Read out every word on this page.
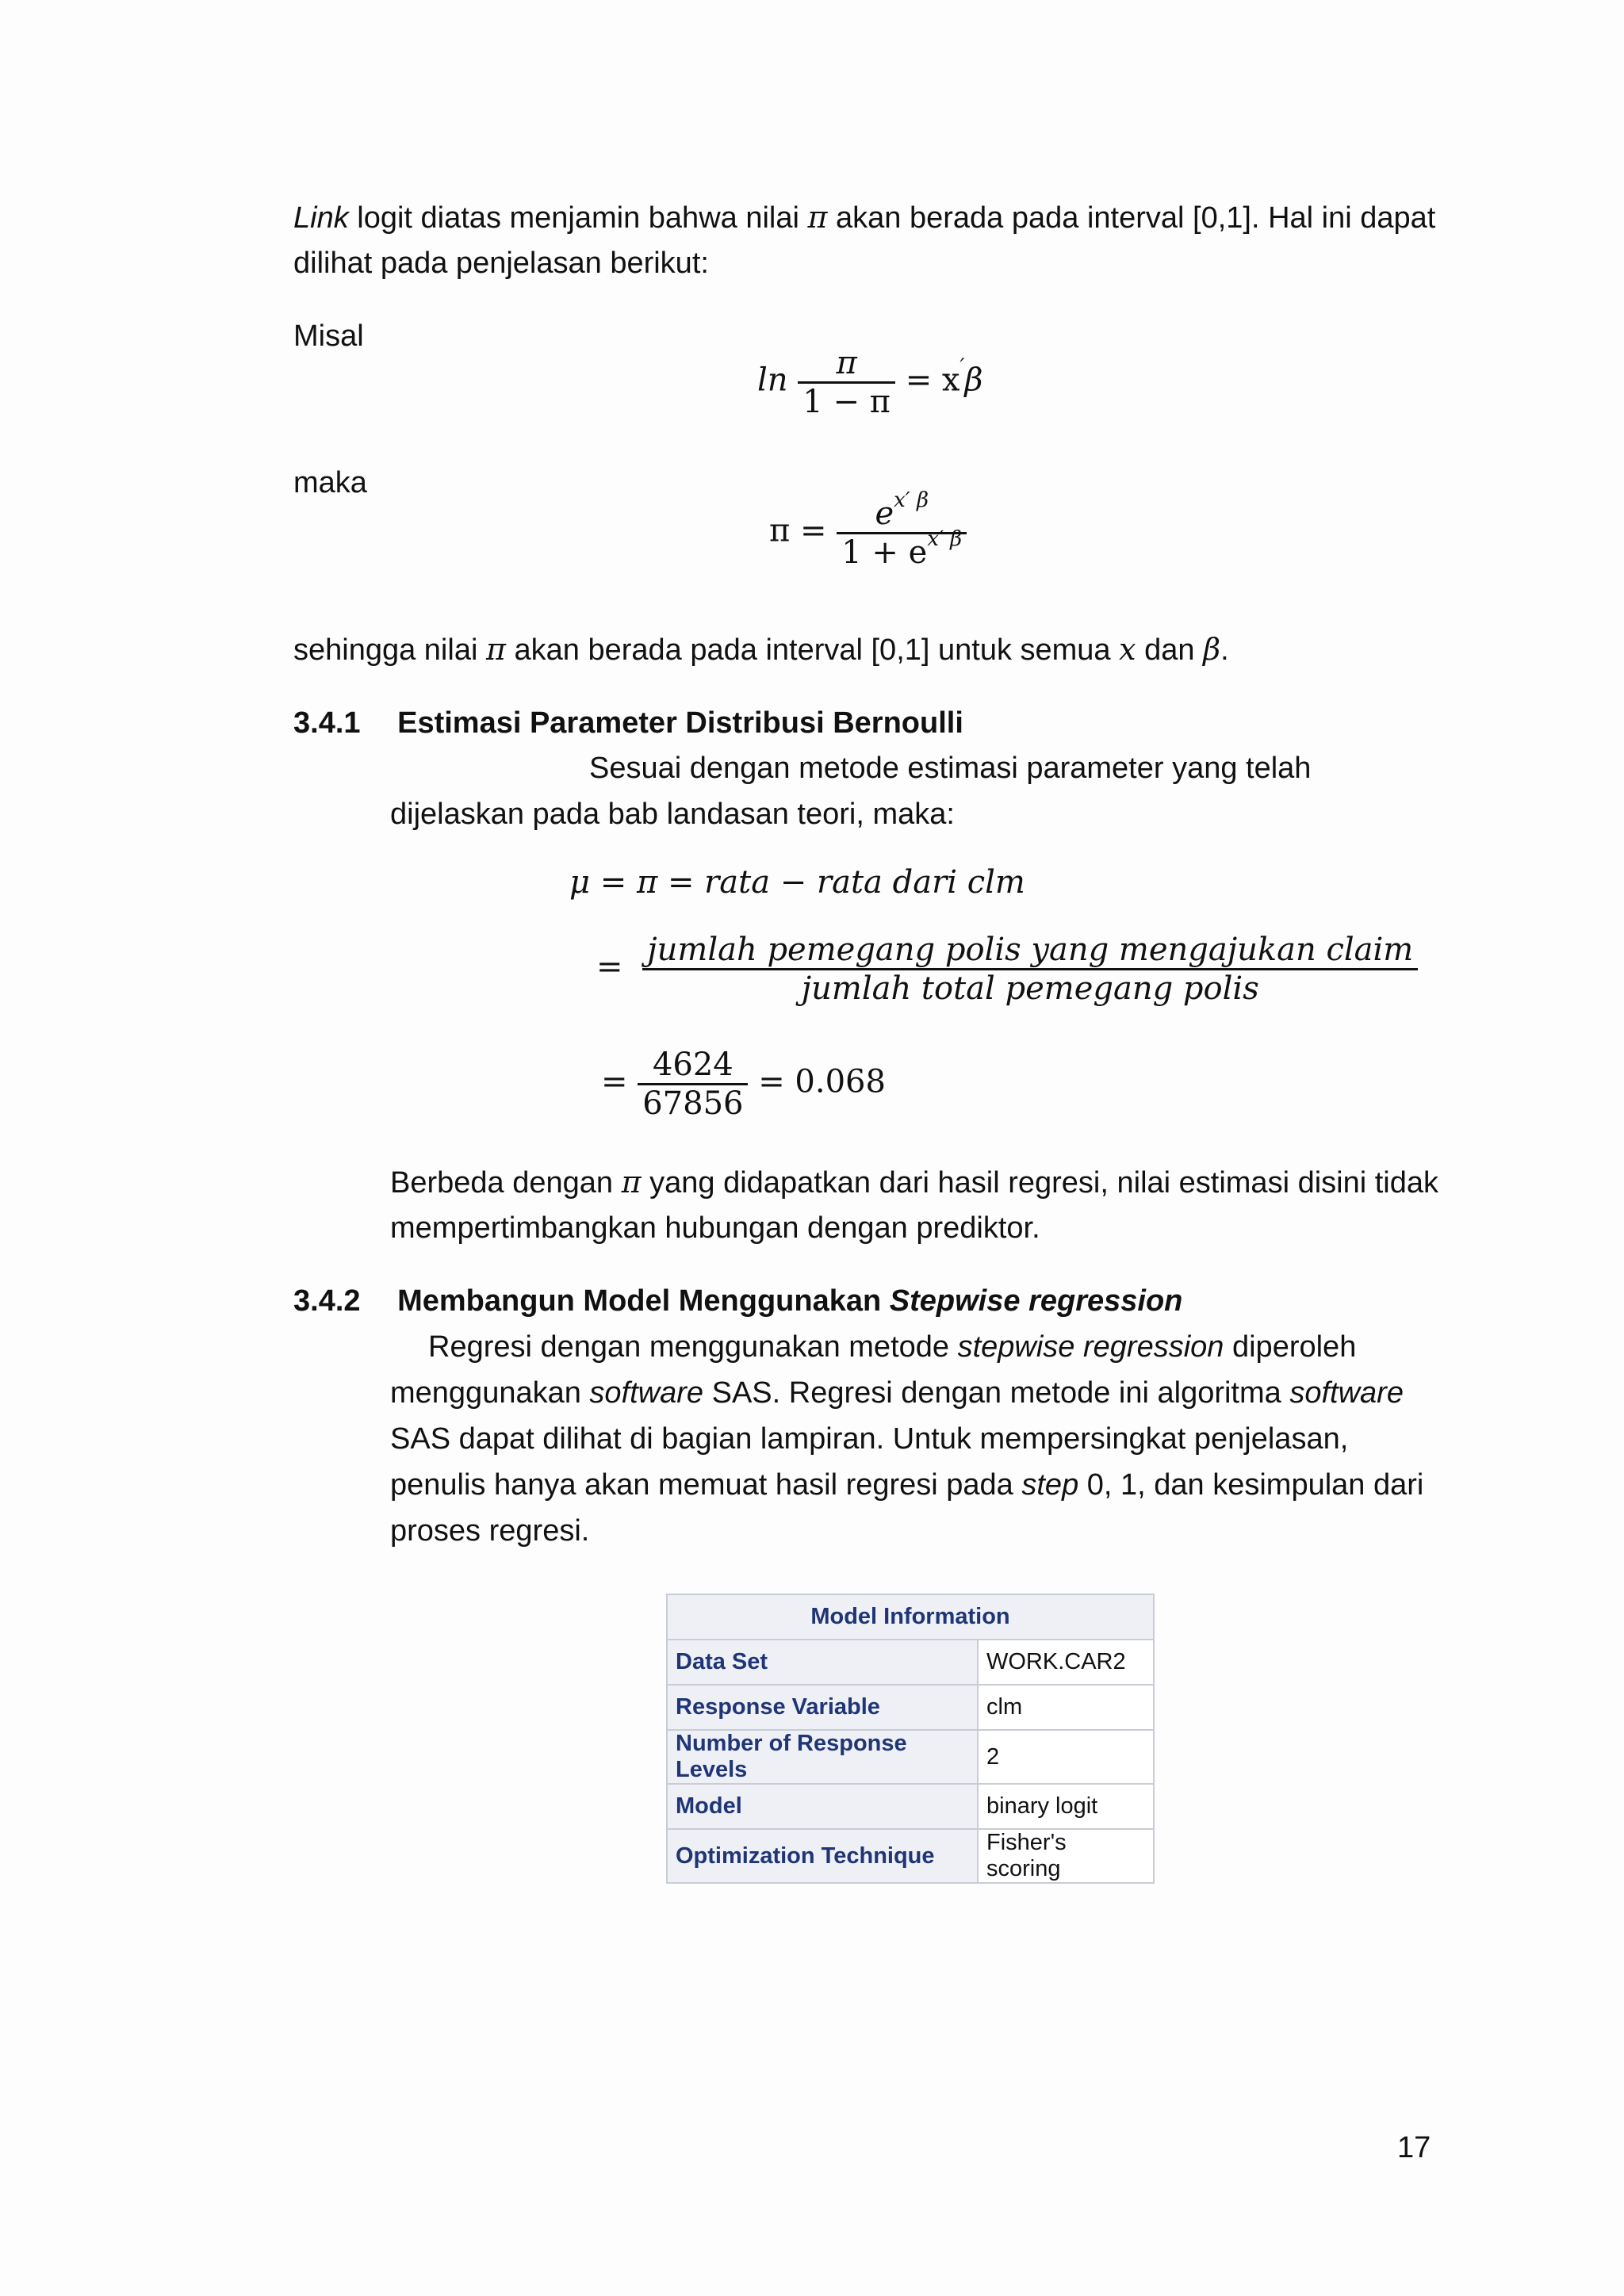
Link logit diatas menjamin bahwa nilai π akan berada pada interval [0,1]. Hal ini dapat
dilihat pada penjelasan berikut:
Misal
$\ln \frac{\pi}{1 - \pi} = x'\beta$
maka
$\pi = \frac{e^{x' \beta}}{1 + e^{x' \beta}}$
sehingga nilai π akan berada pada interval [0,1] untuk semua x dan β.
3.4.1 Estimasi Parameter Distribusi Bernoulli
Sesuai dengan metode estimasi parameter yang telah
dijelaskan pada bab landasan teori, maka:
μ = π = rata − rata dari clm
= $\frac{\text{jumlah pemegang polis yang mengajukan claim}}{\text{jumlah total pemegang polis}}$
= $\frac{4624}{67856} = 0.068$
Berbeda dengan π yang didapatkan dari hasil regresi, nilai estimasi disini tidak
mempertimbangkan hubungan dengan prediktor.
3.4.2 Membangun Model Menggunakan Stepwise regression
Regresi dengan menggunakan metode stepwise regression diperoleh
menggunakan software SAS. Regresi dengan metode ini algoritma software
SAS dapat dilihat di bagian lampiran. Untuk mempersingkat penjelasan,
penulis hanya akan memuat hasil regresi pada step 0, 1, dan kesimpulan dari
proses regresi.
Model Information	
Data Set	WORK.CAR2
Response Variable	clm
Number of Response Levels	2
Model	binary logit
Optimization Technique	Fisher's scoring
17
